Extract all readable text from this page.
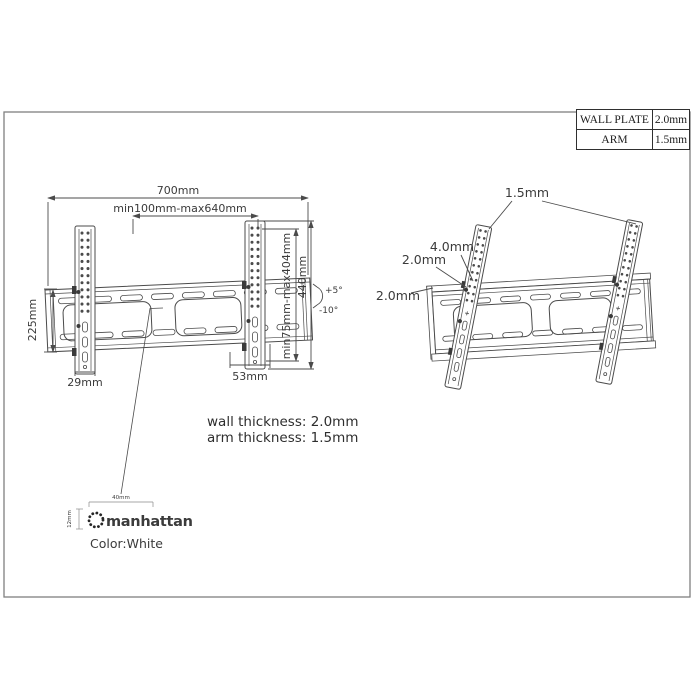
700mm
min100mm-max640mm
225mm
29mm	53mm
min75mm-max404mm 440mm +5°
-10°
1.5mm
4.0mm
2.0mm
2.0mm
40mm
12mm manhattan
Color:White
WALL PLATE	2.0mm
ARM	1.5mm
wall thickness: 2.0mm
arm thickness: 1.5mm
